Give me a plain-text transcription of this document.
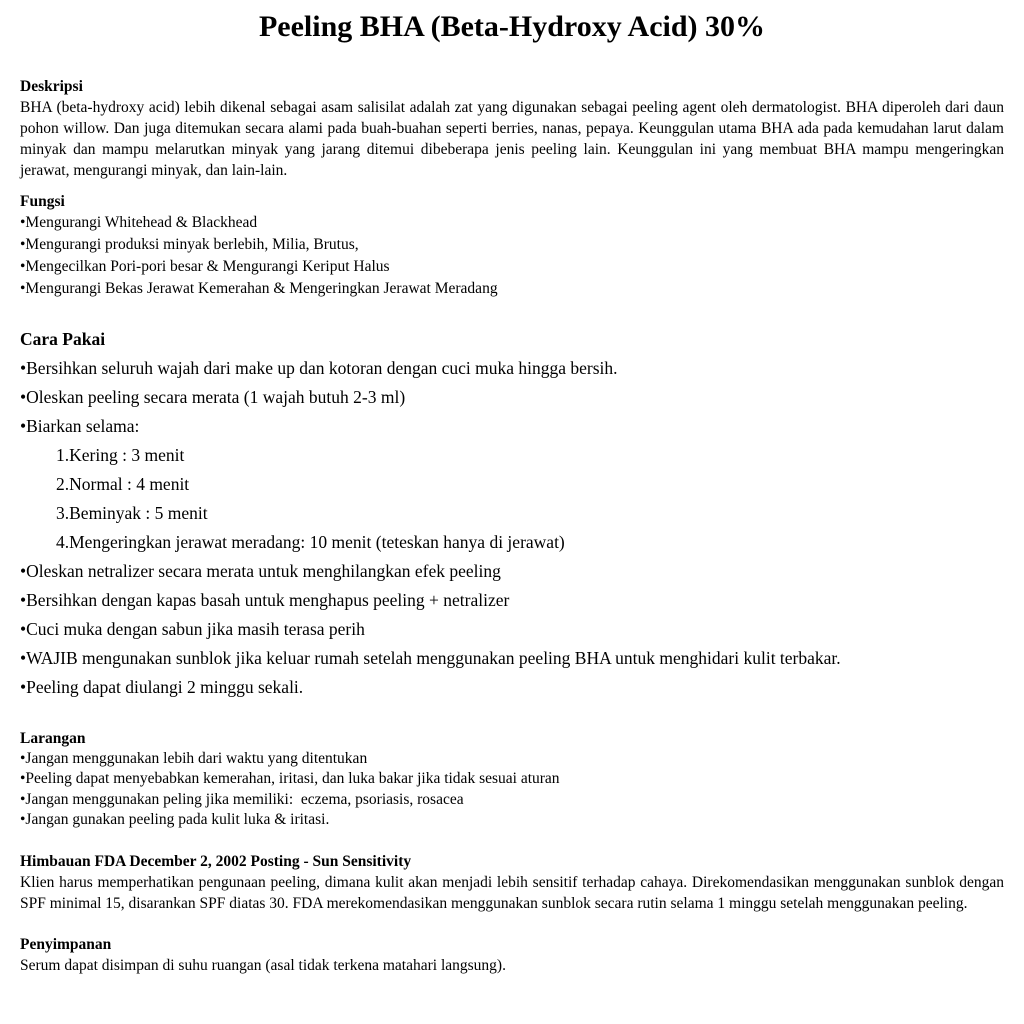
Peeling BHA (Beta-Hydroxy Acid) 30%
Deskripsi

BHA (beta-hydroxy acid) lebih dikenal sebagai asam salisilat adalah zat yang digunakan sebagai peeling agent oleh dermatologist. BHA diperoleh dari daun pohon willow. Dan juga ditemukan secara alami pada buah-buahan seperti berries, nanas, pepaya. Keunggulan utama BHA ada pada kemudahan larut dalam minyak dan mampu melarutkan minyak yang jarang ditemui dibeberapa jenis peeling lain. Keunggulan ini yang membuat BHA mampu mengeringkan jerawat, mengurangi minyak, dan lain-lain.

Fungsi
•Mengurangi Whitehead & Blackhead
•Mengurangi produksi minyak berlebih, Milia, Brutus,
•Mengecilkan Pori-pori besar & Mengurangi Keriput Halus
•Mengurangi Bekas Jerawat Kemerahan & Mengeringkan Jerawat Meradang
Cara Pakai
•Bersihkan seluruh wajah dari make up dan kotoran dengan cuci muka hingga bersih.
•Oleskan peeling secara merata (1 wajah butuh 2-3 ml)
•Biarkan selama:
1.Kering : 3 menit
2.Normal : 4 menit
3.Beminyak : 5 menit
4.Mengeringkan jerawat meradang: 10 menit (teteskan hanya di jerawat)
•Oleskan netralizer secara merata untuk menghilangkan efek peeling
•Bersihkan dengan kapas basah untuk menghapus peeling + netralizer
•Cuci muka dengan sabun jika masih terasa perih
•WAJIB mengunakan sunblok jika keluar rumah setelah menggunakan peeling BHA untuk menghidari kulit terbakar.
•Peeling dapat diulangi 2 minggu sekali.
Larangan
•Jangan menggunakan lebih dari waktu yang ditentukan
•Peeling dapat menyebabkan kemerahan, iritasi, dan luka bakar jika tidak sesuai aturan
•Jangan menggunakan peling jika memiliki:  eczema, psoriasis, rosacea
•Jangan gunakan peeling pada kulit luka & iritasi.
Himbauan FDA December 2, 2002 Posting - Sun Sensitivity

Klien harus memperhatikan pengunaan peeling, dimana kulit akan menjadi lebih sensitif terhadap cahaya. Direkomendasikan menggunakan sunblok dengan SPF minimal 15, disarankan SPF diatas 30. FDA merekomendasikan menggunakan sunblok secara rutin selama 1 minggu setelah menggunakan peeling.

Penyimpanan

Serum dapat disimpan di suhu ruangan (asal tidak terkena matahari langsung).
